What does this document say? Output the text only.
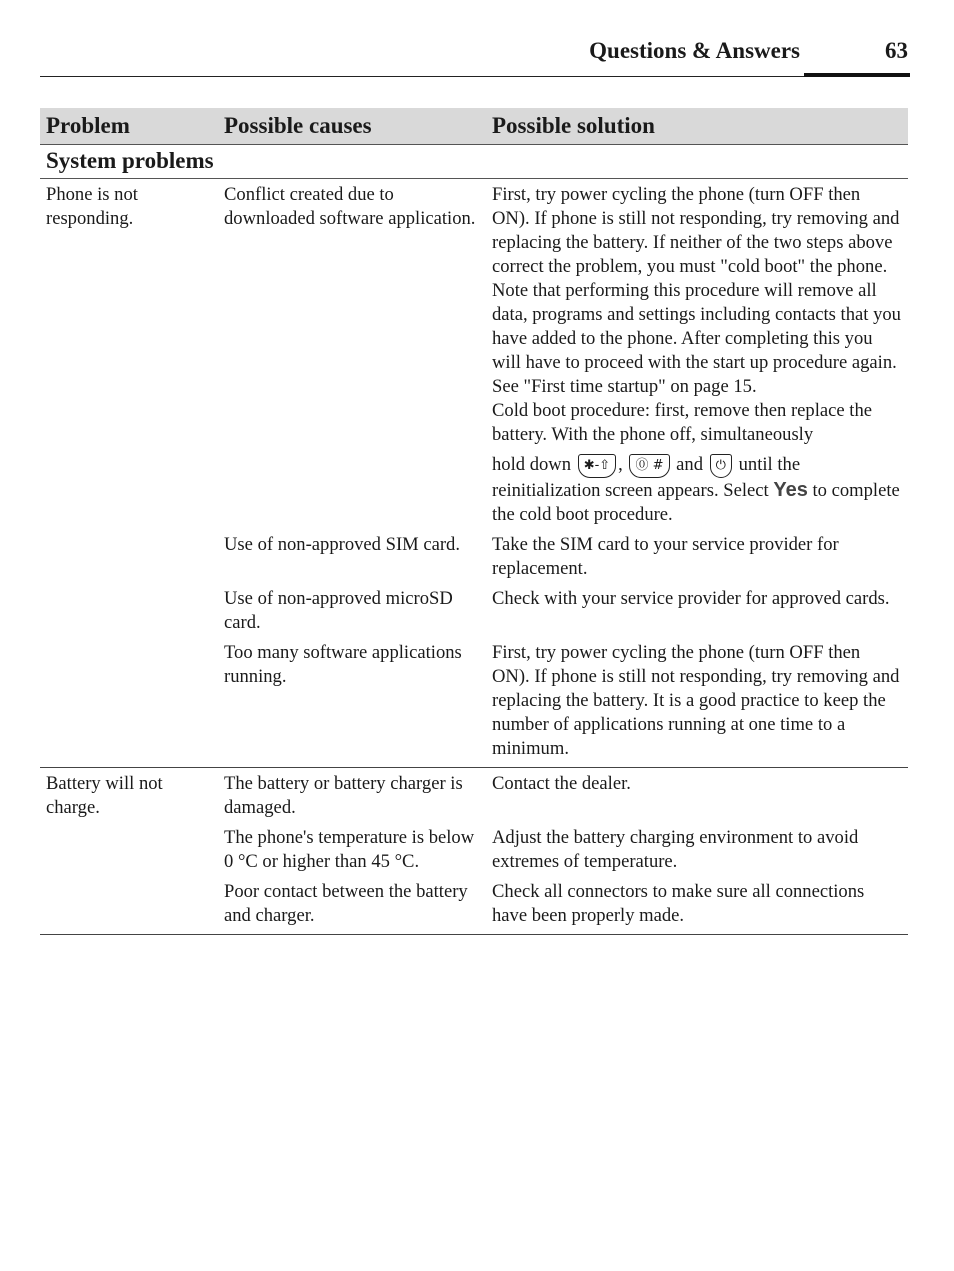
Questions & Answers	63
Problem	Possible causes	Possible solution
System problems		
Phone is not responding.	Conflict created due to downloaded software application.	First, try power cycling the phone (turn OFF then ON). If phone is still not responding, try removing and replacing the battery. If neither of the two steps above correct the problem, you must "cold boot" the phone. Note that performing this procedure will remove all data, programs and settings including contacts that you have added to the phone. After completing this you will have to proceed with the start up procedure again. See "First time startup" on page 15.
Cold boot procedure: first, remove then replace the battery. With the phone off, simultaneously
hold down ✱-⇧ , ⓪ # and ⏻ until the reinitialization screen appears. Select Yes to complete the cold boot procedure.

	Use of non-approved SIM card.	Take the SIM card to your service provider for replacement.
	Use of non-approved microSD card.	Check with your service provider for approved cards.
	Too many software applications running.	First, try power cycling the phone (turn OFF then ON). If phone is still not responding, try removing and replacing the battery. It is a good practice to keep the number of applications running at one time to a minimum.
Battery will not charge.	The battery or battery charger is damaged.	Contact the dealer.
	The phone's temperature is below 0 °C or higher than 45 °C.	Adjust the battery charging environment to avoid extremes of temperature.
	Poor contact between the battery and charger.	Check all connectors to make sure all connections have been properly made.
